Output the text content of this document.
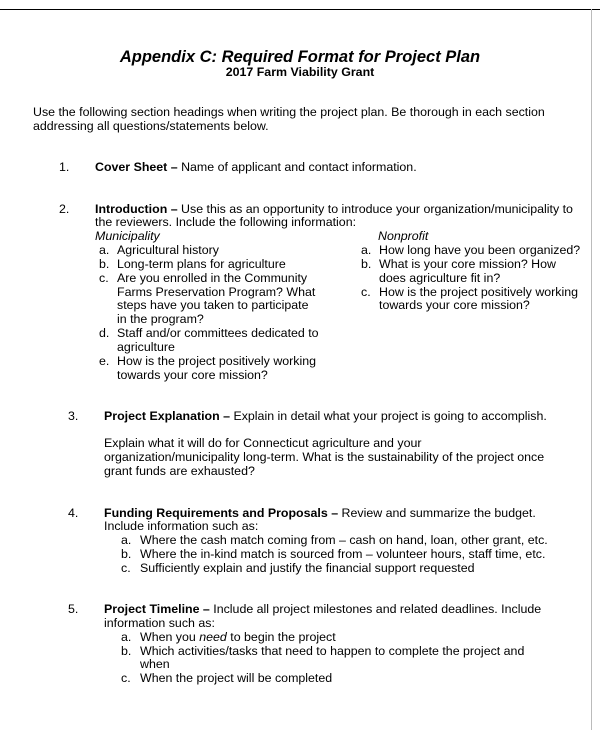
Appendix C: Required Format for Project Plan
2017 Farm Viability Grant
Use the following section headings when writing the project plan. Be thorough in each section
addressing all questions/statements below.
1. Cover Sheet – Name of applicant and contact information.
2. Introduction – Use this as an opportunity to introduce your organization/municipality to
the reviewers. Include the following information:
Municipality	Nonprofit
a. Agricultural history
b. Long-term plans for agriculture
c. Are you enrolled in the Community
Farms Preservation Program? What
steps have you taken to participate
in the program?
d. Staff and/or committees dedicated to
agriculture
e. How is the project positively working
towards your core mission?
a. How long have you been organized?
b. What is your core mission? How
does agriculture fit in?
c. How is the project positively working
towards your core mission?
3. Project Explanation – Explain in detail what your project is going to accomplish.
Explain what it will do for Connecticut agriculture and your
organization/municipality long-term. What is the sustainability of the project once
grant funds are exhausted?
4. Funding Requirements and Proposals – Review and summarize the budget.
Include information such as:
a. Where the cash match coming from – cash on hand, loan, other grant, etc.
b. Where the in-kind match is sourced from – volunteer hours, staff time, etc.
c. Sufficiently explain and justify the financial support requested
5. Project Timeline – Include all project milestones and related deadlines. Include
information such as:
a. When you need to begin the project
b. Which activities/tasks that need to happen to complete the project and
when
c. When the project will be completed
